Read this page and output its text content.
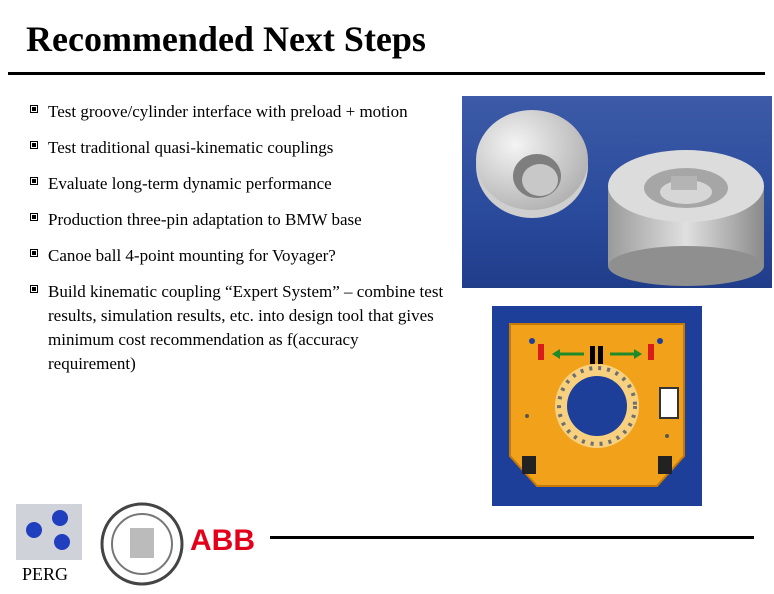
Recommended Next Steps
Test groove/cylinder interface with preload + motion
Test traditional quasi-kinematic couplings
Evaluate long-term dynamic performance
Production three-pin adaptation to BMW base
Canoe ball 4-point mounting for Voyager?
Build kinematic coupling “Expert System” – combine test results, simulation results, etc. into design tool that gives minimum cost recommendation as f(accuracy requirement)
PERG
ABB
